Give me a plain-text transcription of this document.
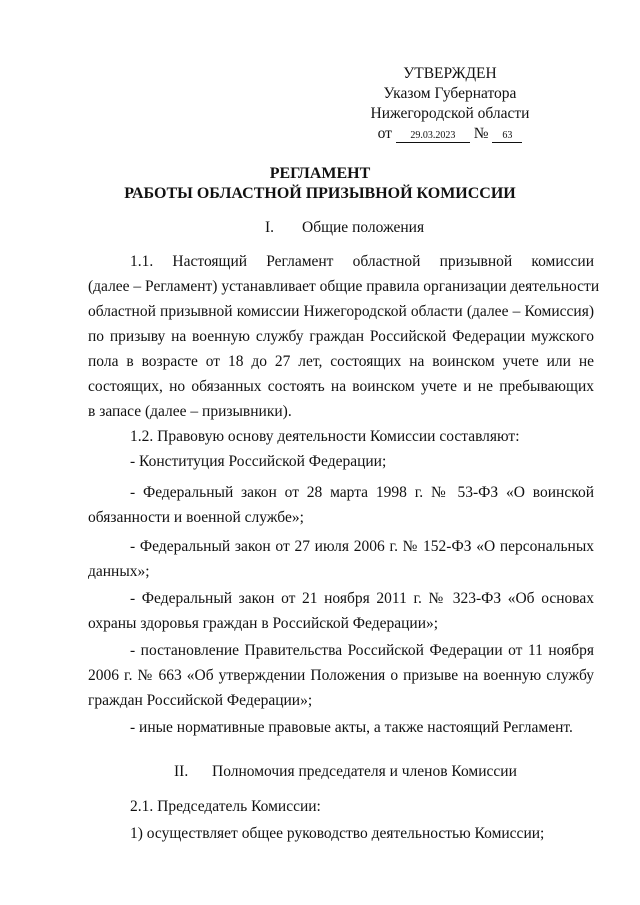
УТВЕРЖДЕН
Указом Губернатора
Нижегородской области
от 29.03.2023 № 63
РЕГЛАМЕНТ
РАБОТЫ ОБЛАСТНОЙ ПРИЗЫВНОЙ КОМИССИИ
I. Общие положения
1.1. Настоящий Регламент областной призывной комиссии
(далее – Регламент) устанавливает общие правила организации деятельности
областной призывной комиссии Нижегородской области (далее – Комиссия)
по призыву на военную службу граждан Российской Федерации мужского
пола в возрасте от 18 до 27 лет, состоящих на воинском учете или не
состоящих, но обязанных состоять на воинском учете и не пребывающих
в запасе (далее – призывники).
1.2. Правовую основу деятельности Комиссии составляют:
- Конституция Российской Федерации;
- Федеральный закон от 28 марта 1998 г. № 53-ФЗ «О воинской
обязанности и военной службе»;
- Федеральный закон от 27 июля 2006 г. № 152-ФЗ «О персональных
данных»;
- Федеральный закон от 21 ноября 2011 г. № 323-ФЗ «Об основах
охраны здоровья граждан в Российской Федерации»;
- постановление Правительства Российской Федерации от 11 ноября
2006 г. № 663 «Об утверждении Положения о призыве на военную службу
граждан Российской Федерации»;
- иные нормативные правовые акты, а также настоящий Регламент.
II. Полномочия председателя и членов Комиссии
2.1. Председатель Комиссии:
1) осуществляет общее руководство деятельностью Комиссии;
